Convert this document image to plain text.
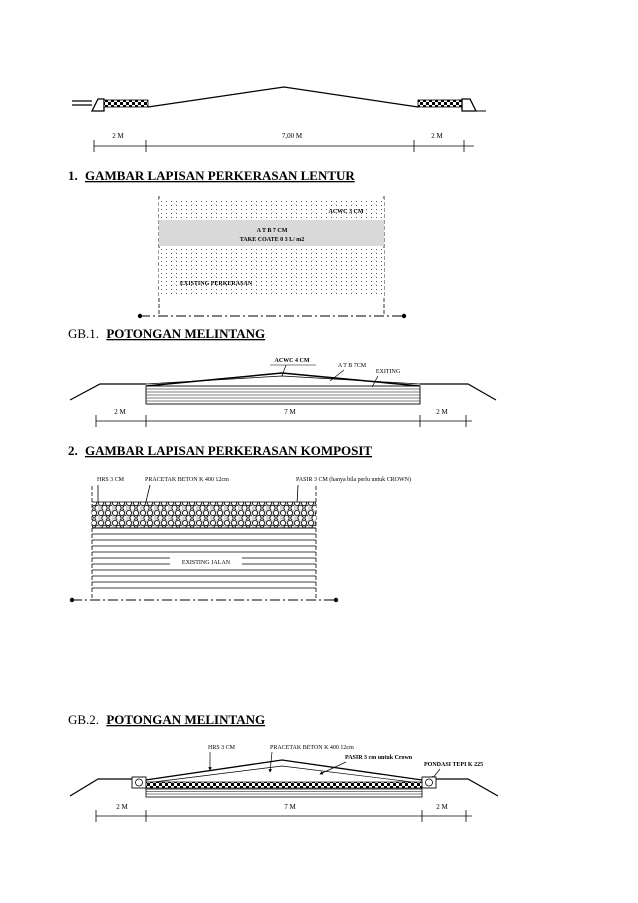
2 M	7,00 M	2 M
1. GAMBAR LAPISAN PERKERASAN LENTUR
ACWC 3 CM
A T B 7 CM
TAKE COATE 0 3 L/ m2
EXISTING PERKERASAN
GB.1. POTONGAN MELINTANG
ACWC 4 CM
A T B 7CM
EXITING
2 M	7 M	2 M
2. GAMBAR LAPISAN PERKERASAN KOMPOSIT
HRS 3 CM	PRACETAK BETON K 400 12cm	PASIR 3 CM (hanya bila perlu untuk CROWN)
EXISTING JALAN
GB.2. POTONGAN MELINTANG
HRS 3 CM	PRACETAK BETON K 400 12cm
PASIR 3 cm untuk Crown
PONDASI TEPI K 225
2 M	7 M	2 M
